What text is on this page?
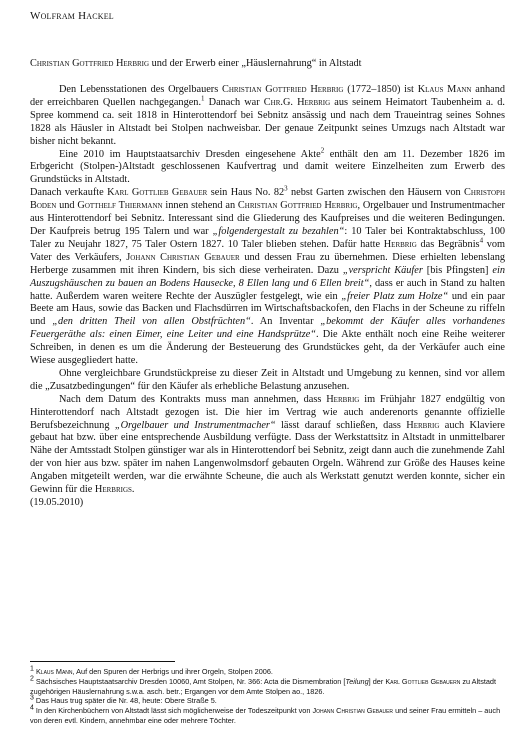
Wolfram Hackel
Christian Gottfried Herbrig und der Erwerb einer „Häuslernahrung“ in Altstadt

Den Lebensstationen des Orgelbauers Christian Gottfried Herbrig (1772–1850) ist Klaus Mann anhand der erreichbaren Quellen nachgegangen.$^1$ Danach war Chr.G. Herbrig aus seinem Heimatort Taubenheim a. d. Spree kommend ca. seit 1818 in Hinterottendorf bei Sebnitz ansässig und nach dem Traueintrag seines Sohnes 1828 als Häusler in Altstadt bei Stolpen nachweisbar. Der genaue Zeitpunkt seines Umzugs nach Altstadt war bisher nicht bekannt.

Eine 2010 im Hauptstaatsarchiv Dresden eingesehene Akte$^2$ enthält den am 11. Dezember 1826 im Erbgericht (Stolpen-)Altstadt geschlossenen Kaufvertrag und damit weitere Einzelheiten zum Erwerb des Grundstücks in Altstadt.

Danach verkaufte Karl Gottlieb Gebauer sein Haus No. $82^3$ nebst Garten zwischen den Häusern von Christoph Boden und Gotthelf Thiermann innen stehend an Christian Gottfried Herbrig, Orgelbauer und Instrumentmacher aus Hinterottendorf bei Sebnitz. Interessant sind die Gliederung des Kaufpreises und die weiteren Bedingungen. Der Kaufpreis betrug 195 Talern und war „folgendergestalt zu bezahlen“: 10 Taler bei Kontraktabschluss, 100 Taler zu Neujahr 1827, 75 Taler Ostern 1827. 10 Taler blieben stehen. Dafür hatte Herbrig das Begräbnis$^4$ vom Vater des Verkäufers, Johann Christian Gebauer und dessen Frau zu übernehmen. Diese erhielten lebenslang Herberge zusammen mit ihren Kindern, bis sich diese verheiraten. Dazu „verspricht Käufer [bis Pfingsten] ein Auszugshäuschen zu bauen an Bodens Hausecke, 8 Ellen lang und 6 Ellen breit“, dass er auch in Stand zu halten hatte. Außerdem waren weitere Rechte der Auszügler festgelegt, wie ein „freier Platz zum Holze“ und ein paar Beete am Haus, sowie das Backen und Flachsdürren im Wirtschaftsbackofen, den Flachs in der Scheune zu riffeln und „den dritten Theil von allen Obstfrüchten“. An Inventar „bekommt der Käufer alles vorhandenes Feuergeräthe als: einen Eimer, eine Leiter und eine Handsprütze“. Die Akte enthält noch eine Reihe weiterer Schreiben, in denen es um die Änderung der Besteuerung des Grundstückes geht, da der Verkäufer auch eine Wiese ausgegliedert hatte.

Ohne vergleichbare Grundstückpreise zu dieser Zeit in Altstadt und Umgebung zu kennen, sind vor allem die „Zusatzbedingungen“ für den Käufer als erhebliche Belastung anzusehen.

Nach dem Datum des Kontrakts muss man annehmen, dass Herbrig im Frühjahr 1827 endgültig von Hinterottendorf nach Altstadt gezogen ist. Die hier im Vertrag wie auch anderenorts genannte offizielle Berufsbezeichnung „Orgelbauer und Instrumentmacher“ lässt darauf schließen, dass Herbrig auch Klaviere gebaut hat bzw. über eine entsprechende Ausbildung verfügte. Dass der Werkstattsitz in Altstadt in unmittelbarer Nähe der Amtsstadt Stolpen günstiger war als in Hinterottendorf bei Sebnitz, zeigt dann auch die zunehmende Zahl der von hier aus bzw. später im nahen Langenwolmsdorf gebauten Orgeln. Während zur Größe des Hauses keine Angaben mitgeteilt werden, war die erwähnte Scheune, die auch als Werkstatt genutzt werden konnte, sicher ein Gewinn für die Herbrigs.

(19.05.2010)

$^1$ Klaus Mann, Auf den Spuren der Herbrigs und ihrer Orgeln, Stolpen 2006.

$^2$ Sächsisches Hauptstaatsarchiv Dresden 10060, Amt Stolpen, Nr. 366: Acta die Dismembration [Teilung] der Karl Gottlieb Gebauern zu Altstadt zugehörigen Häuslernahrung s.w.a. asch. betr.; Ergangen vor dem Amte Stolpen ao., 1826.

$^3$ Das Haus trug später die Nr. 48, heute: Obere Straße 5.

$^4$ In den Kirchenbüchern von Altstadt lässt sich möglicherweise der Todeszeitpunkt von Johann Christian Gebauer und seiner Frau ermitteln – auch von deren evtl. Kindern, annehmbar eine oder mehrere Töchter.
